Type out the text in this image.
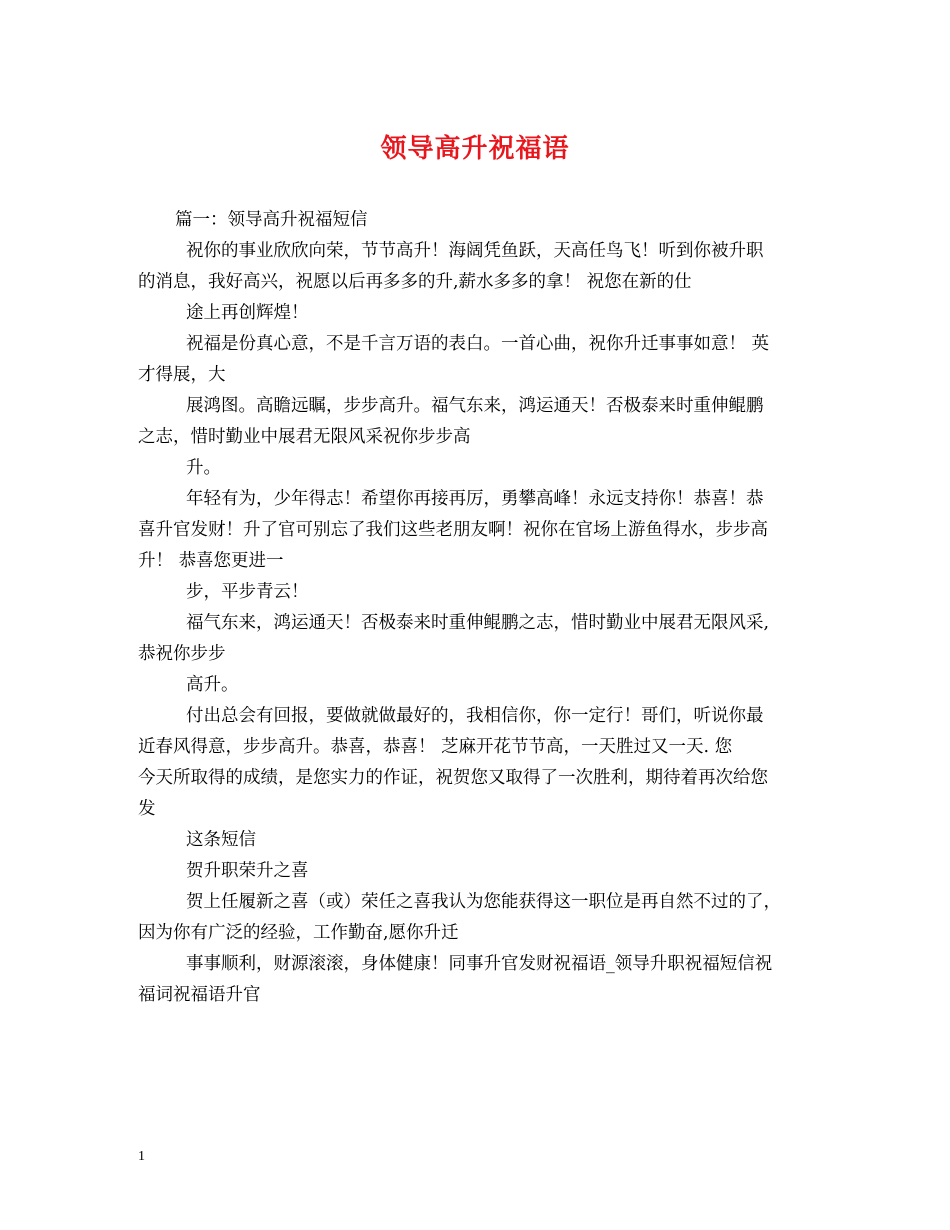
领导高升祝福语
篇一：领导高升祝福短信
祝你的事业欣欣向荣，节节高升！海阔凭鱼跃，天高任鸟飞！听到你被升职
的消息，我好高兴，祝愿以后再多多的升,薪水多多的拿！ 祝您在新的仕
途上再创辉煌！
祝福是份真心意，不是千言万语的表白。一首心曲，祝你升迁事事如意！ 英
才得展，大
展鸿图。高瞻远瞩，步步高升。福气东来，鸿运通天！否极泰来时重伸鲲鹏
之志，惜时勤业中展君无限风采祝你步步高
升。
年轻有为，少年得志！希望你再接再厉，勇攀高峰！永远支持你！恭喜！恭
喜升官发财！升了官可别忘了我们这些老朋友啊！祝你在官场上游鱼得水，步步高
升！ 恭喜您更进一
步，平步青云！
福气东来，鸿运通天！否极泰来时重伸鲲鹏之志，惜时勤业中展君无限风采,
恭祝你步步
高升。
付出总会有回报，要做就做最好的，我相信你，你一定行！哥们，听说你最
近春风得意，步步高升。恭喜，恭喜！ 芝麻开花节节高，一天胜过又一天. 您
今天所取得的成绩，是您实力的作证，祝贺您又取得了一次胜利，期待着再次给您
发
这条短信
贺升职荣升之喜
贺上任履新之喜（或）荣任之喜我认为您能获得这一职位是再自然不过的了，
因为你有广泛的经验，工作勤奋,愿你升迁
事事顺利，财源滚滚，身体健康！同事升官发财祝福语_领导升职祝福短信祝
福词祝福语升官
1
